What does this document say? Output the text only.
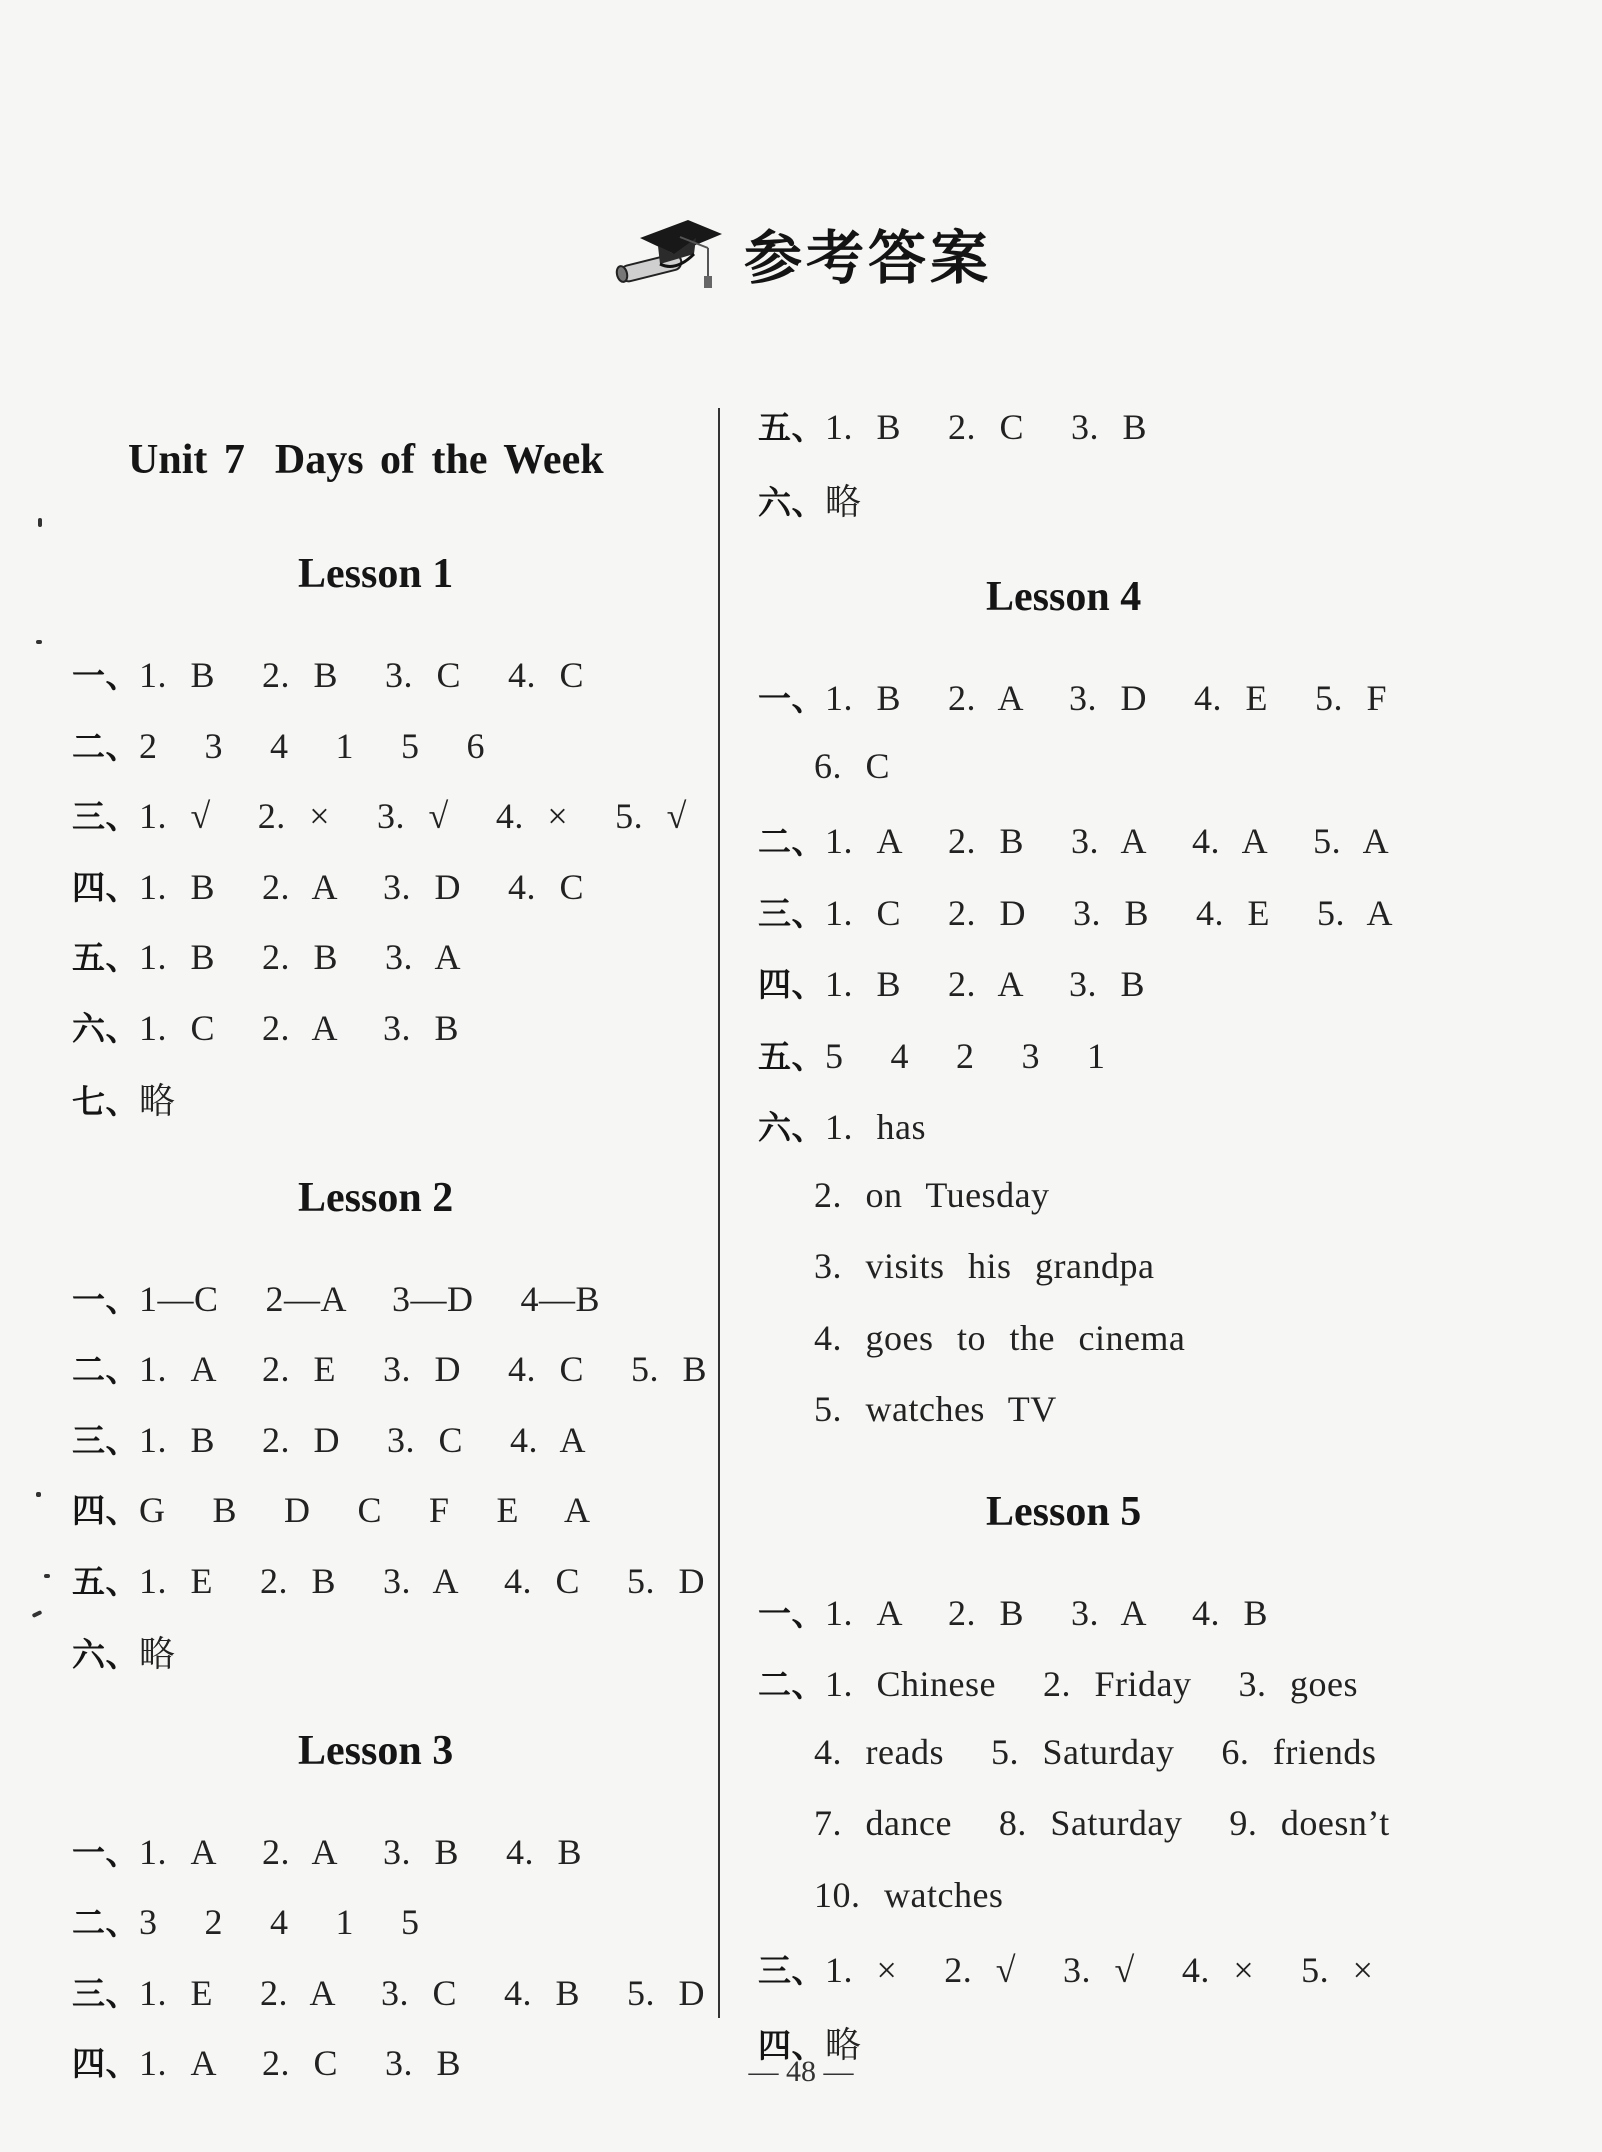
参考答案
Unit 7 Days of the Week
Lesson 1
一、1. B  2. B  3. C  4. C
二、2  3  4  1  5  6
三、1. √  2. ×  3. √  4. ×  5. √
四、1. B  2. A  3. D  4. C
五、1. B  2. B  3. A
六、1. C  2. A  3. B
七、略
Lesson 2
一、1—C  2—A  3—D  4—B
二、1. A  2. E  3. D  4. C  5. B
三、1. B  2. D  3. C  4. A
四、G  B  D  C  F  E  A
五、1. E  2. B  3. A  4. C  5. D
六、略
Lesson 3
一、1. A  2. A  3. B  4. B
二、3  2  4  1  5
三、1. E  2. A  3. C  4. B  5. D
四、1. A  2. C  3. B
五、1. B  2. C  3. B
六、略
Lesson 4
一、1. B  2. A  3. D  4. E  5. F
6. C
二、1. A  2. B  3. A  4. A  5. A
三、1. C  2. D  3. B  4. E  5. A
四、1. B  2. A  3. B
五、5  4  2  3  1
六、1. has
2. on Tuesday
3. visits his grandpa
4. goes to the cinema
5. watches TV
Lesson 5
一、1. A  2. B  3. A  4. B
二、1. Chinese  2. Friday  3. goes
4. reads  5. Saturday  6. friends
7. dance  8. Saturday  9. doesn’t
10. watches
三、1. ×  2. √  3. √  4. ×  5. ×
四、略
— 48 —
